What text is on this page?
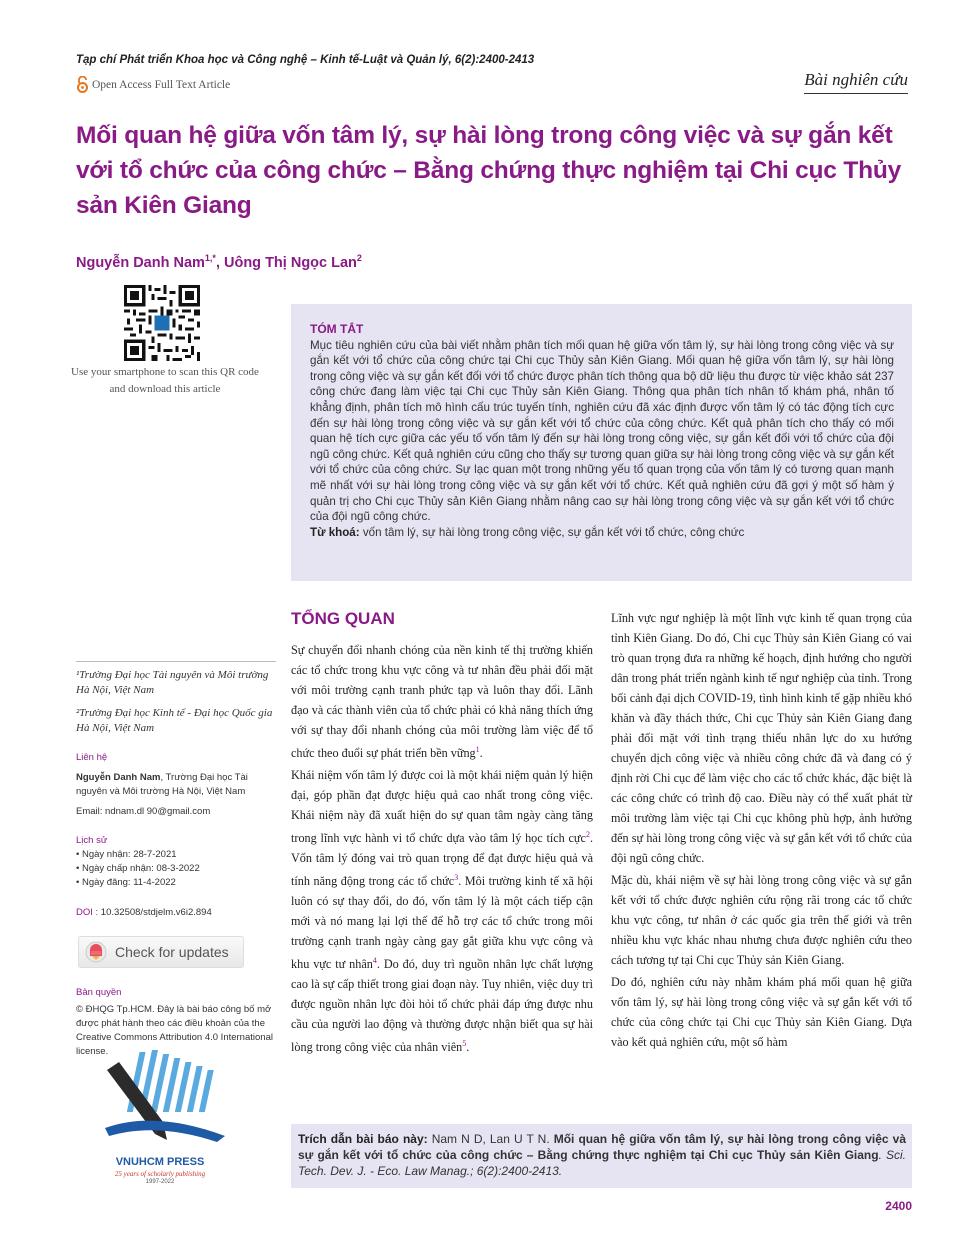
Tạp chí Phát triển Khoa học và Công nghệ – Kinh tế-Luật và Quản lý, 6(2):2400-2413
Open Access Full Text Article	Bài nghiên cứu
Mối quan hệ giữa vốn tâm lý, sự hài lòng trong công việc và sự gắn kết với tổ chức của công chức – Bằng chứng thực nghiệm tại Chi cục Thủy sản Kiên Giang
Nguyễn Danh Nam$^{1,*}$, Uông Thị Ngọc Lan$^2$
Use your smartphone to scan this QR code and download this article
TÓM TẮT
Mục tiêu nghiên cứu của bài viết nhằm phân tích mối quan hệ giữa vốn tâm lý, sự hài lòng trong công việc và sự gắn kết với tổ chức của công chức tại Chi cục Thủy sản Kiên Giang. Mối quan hệ giữa vốn tâm lý, sự hài lòng trong công việc và sự gắn kết đối với tổ chức được phân tích thông qua bộ dữ liệu thu được từ việc khảo sát 237 công chức đang làm việc tại Chi cục Thủy sản Kiên Giang. Thông qua phân tích nhân tố khám phá, nhân tố khẳng định, phân tích mô hình cấu trúc tuyến tính, nghiên cứu đã xác định được vốn tâm lý có tác động tích cực đến sự hài lòng trong công việc và sự gắn kết với tổ chức của công chức. Kết quả phân tích cho thấy có mối quan hệ tích cực giữa các yếu tố vốn tâm lý đến sự hài lòng trong công việc, sự gắn kết đối với tổ chức của đội ngũ công chức. Kết quả nghiên cứu cũng cho thấy sự tương quan giữa sự hài lòng trong công việc và sự gắn kết với tổ chức của công chức. Sự lạc quan một trong những yếu tố quan trọng của vốn tâm lý có tương quan mạnh mẽ nhất với sự hài lòng trong công việc và sự gắn kết với tổ chức. Kết quả nghiên cứu đã gợi ý một số hàm ý quản trị cho Chi cục Thủy sản Kiên Giang nhằm nâng cao sự hài lòng trong công việc và sự gắn kết với tổ chức của đội ngũ công chức.
Từ khoá: vốn tâm lý, sự hài lòng trong công việc, sự gắn kết với tổ chức, công chức
¹Trường Đại học Tài nguyên và Môi trường Hà Nội, Việt Nam
²Trường Đại học Kinh tế - Đại học Quốc gia Hà Nội, Việt Nam
Liên hệ
Nguyễn Danh Nam, Trường Đại học Tài nguyên và Môi trường Hà Nội, Việt Nam
Email: ndnam.dl 90@gmail.com
Lịch sử
• Ngày nhận: 28-7-2021
• Ngày chấp nhận: 08-3-2022
• Ngày đăng: 11-4-2022
DOI : 10.32508/stdjelm.v6i2.894
Check for updates
Bản quyền
© ĐHQG Tp.HCM. Đây là bài báo công bố mở được phát hành theo các điều khoản của the Creative Commons Attribution 4.0 International license.
VNUHCM PRESS
25 years of scholarly publishing
1997-2022
TỔNG QUAN

Sự chuyển đổi nhanh chóng của nền kinh tế thị trường khiến các tổ chức trong khu vực công và tư nhân đều phải đối mặt với môi trường cạnh tranh phức tạp và luôn thay đổi. Lãnh đạo và các thành viên của tổ chức phải có khả năng thích ứng với sự thay đổi nhanh chóng của môi trường làm việc để tổ chức theo đuổi sự phát triển bền vững$^1$.

Khái niệm vốn tâm lý được coi là một khái niệm quản lý hiện đại, góp phần đạt được hiệu quả cao nhất trong công việc. Khái niệm này đã xuất hiện do sự quan tâm ngày càng tăng trong lĩnh vực hành vi tổ chức dựa vào tâm lý học tích cực$^2$. Vốn tâm lý đóng vai trò quan trọng để đạt được hiệu quả và tính năng động trong các tổ chức$^3$. Môi trường kinh tế xã hội luôn có sự thay đổi, do đó, vốn tâm lý là một cách tiếp cận mới và nó mang lại lợi thế để hỗ trợ các tổ chức trong môi trường cạnh tranh ngày càng gay gắt giữa khu vực công và khu vực tư nhân$^4$. Do đó, duy trì nguồn nhân lực chất lượng cao là sự cấp thiết trong giai đoạn này. Tuy nhiên, việc duy trì được nguồn nhân lực đòi hỏi tổ chức phải đáp ứng được nhu cầu của người lao động và thường được nhận biết qua sự hài lòng trong công việc của nhân viên$^5$.

Lĩnh vực ngư nghiệp là một lĩnh vực kinh tế quan trọng của tỉnh Kiên Giang. Do đó, Chi cục Thủy sản Kiên Giang có vai trò quan trọng đưa ra những kế hoạch, định hướng cho người dân trong phát triển ngành kinh tế ngư nghiệp của tỉnh. Trong bối cảnh đại dịch COVID-19, tình hình kinh tế gặp nhiều khó khăn và đầy thách thức, Chi cục Thủy sản Kiên Giang đang phải đối mặt với tình trạng thiếu nhân lực do xu hướng chuyển dịch công việc và nhiều công chức đã và đang có ý định rời Chi cục để làm việc cho các tổ chức khác, đặc biệt là các công chức có trình độ cao. Điều này có thể xuất phát từ môi trường làm việc tại Chi cục không phù hợp, ảnh hưởng đến sự hài lòng trong công việc và sự gắn kết với tổ chức của đội ngũ công chức.

Mặc dù, khái niệm về sự hài lòng trong công việc và sự gắn kết với tổ chức được nghiên cứu rộng rãi trong các tổ chức khu vực công, tư nhân ở các quốc gia trên thế giới và trên nhiều khu vực khác nhau nhưng chưa được nghiên cứu theo cách tương tự tại Chi cục Thủy sản Kiên Giang.

Do đó, nghiên cứu này nhằm khám phá mối quan hệ giữa vốn tâm lý, sự hài lòng trong công việc và sự gắn kết với tổ chức của công chức tại Chi cục Thủy sản Kiên Giang. Dựa vào kết quả nghiên cứu, một số hàm

Trích dẫn bài báo này: Nam N D, Lan U T N. Mối quan hệ giữa vốn tâm lý, sự hài lòng trong công việc và sự gắn kết với tổ chức của công chức – Bằng chứng thực nghiệm tại Chi cục Thủy sản Kiên Giang. Sci. Tech. Dev. J. - Eco. Law Manag.; 6(2):2400-2413.
2400
